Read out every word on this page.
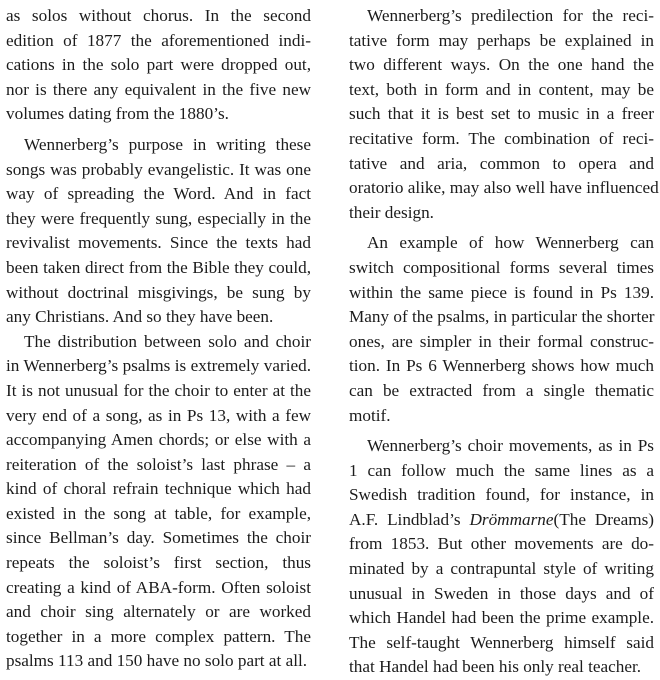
as solos without chorus. In the second
edition of 1877 the aforementioned indi-
cations in the solo part were dropped out,
nor is there any equivalent in the five new
volumes dating from the 1880’s.
Wennerberg’s purpose in writing these
songs was probably evangelistic. It was one
way of spreading the Word. And in fact
they were frequently sung, especially in the
revivalist movements. Since the texts had
been taken direct from the Bible they could,
without doctrinal misgivings, be sung by
any Christians. And so they have been.
The distribution between solo and choir
in Wennerberg’s psalms is extremely varied.
It is not unusual for the choir to enter at the
very end of a song, as in Ps 13, with a few
accompanying Amen chords; or else with a
reiteration of the soloist’s last phrase – a
kind of choral refrain technique which had
existed in the song at table, for example,
since Bellman’s day. Sometimes the choir
repeats the soloist’s first section, thus
creating a kind of ABA-form. Often soloist
and choir sing alternately or are worked
together in a more complex pattern. The
psalms 113 and 150 have no solo part at all.
Wennerberg’s predilection for the reci-
tative form may perhaps be explained in
two different ways. On the one hand the
text, both in form and in content, may be
such that it is best set to music in a freer
recitative form. The combination of reci-
tative and aria, common to opera and
oratorio alike, may also well have influenced
their design.
An example of how Wennerberg can
switch compositional forms several times
within the same piece is found in Ps 139.
Many of the psalms, in particular the shorter
ones, are simpler in their formal construc-
tion. In Ps 6 Wennerberg shows how much
can be extracted from a single thematic
motif.
Wennerberg’s choir movements, as in Ps
1 can follow much the same lines as a
Swedish tradition found, for instance, in
A.F. Lindblad’s Drömmarne(The Dreams)
from 1853. But other movements are do-
minated by a contrapuntal style of writing
unusual in Sweden in those days and of
which Handel had been the prime example.
The self-taught Wennerberg himself said
that Handel had been his only real teacher.
